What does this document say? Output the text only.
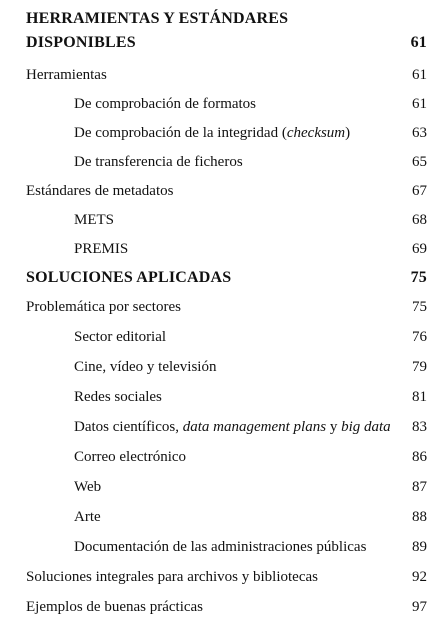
HERRAMIENTAS Y ESTÁNDARES
DISPONIBLES	61
Herramientas	61
De comprobación de formatos	61
De comprobación de la integridad (checksum)	63
De transferencia de ficheros	65
Estándares de metadatos	67
METS	68
PREMIS	69
SOLUCIONES APLICADAS	75
Problemática por sectores	75
Sector editorial	76
Cine, vídeo y televisión	79
Redes sociales	81
Datos científicos, data management plans y big data 83
Correo electrónico	86
Web	87
Arte	88
Documentación de las administraciones públicas	89
Soluciones integrales para archivos y bibliotecas	92
Ejemplos de buenas prácticas	97
